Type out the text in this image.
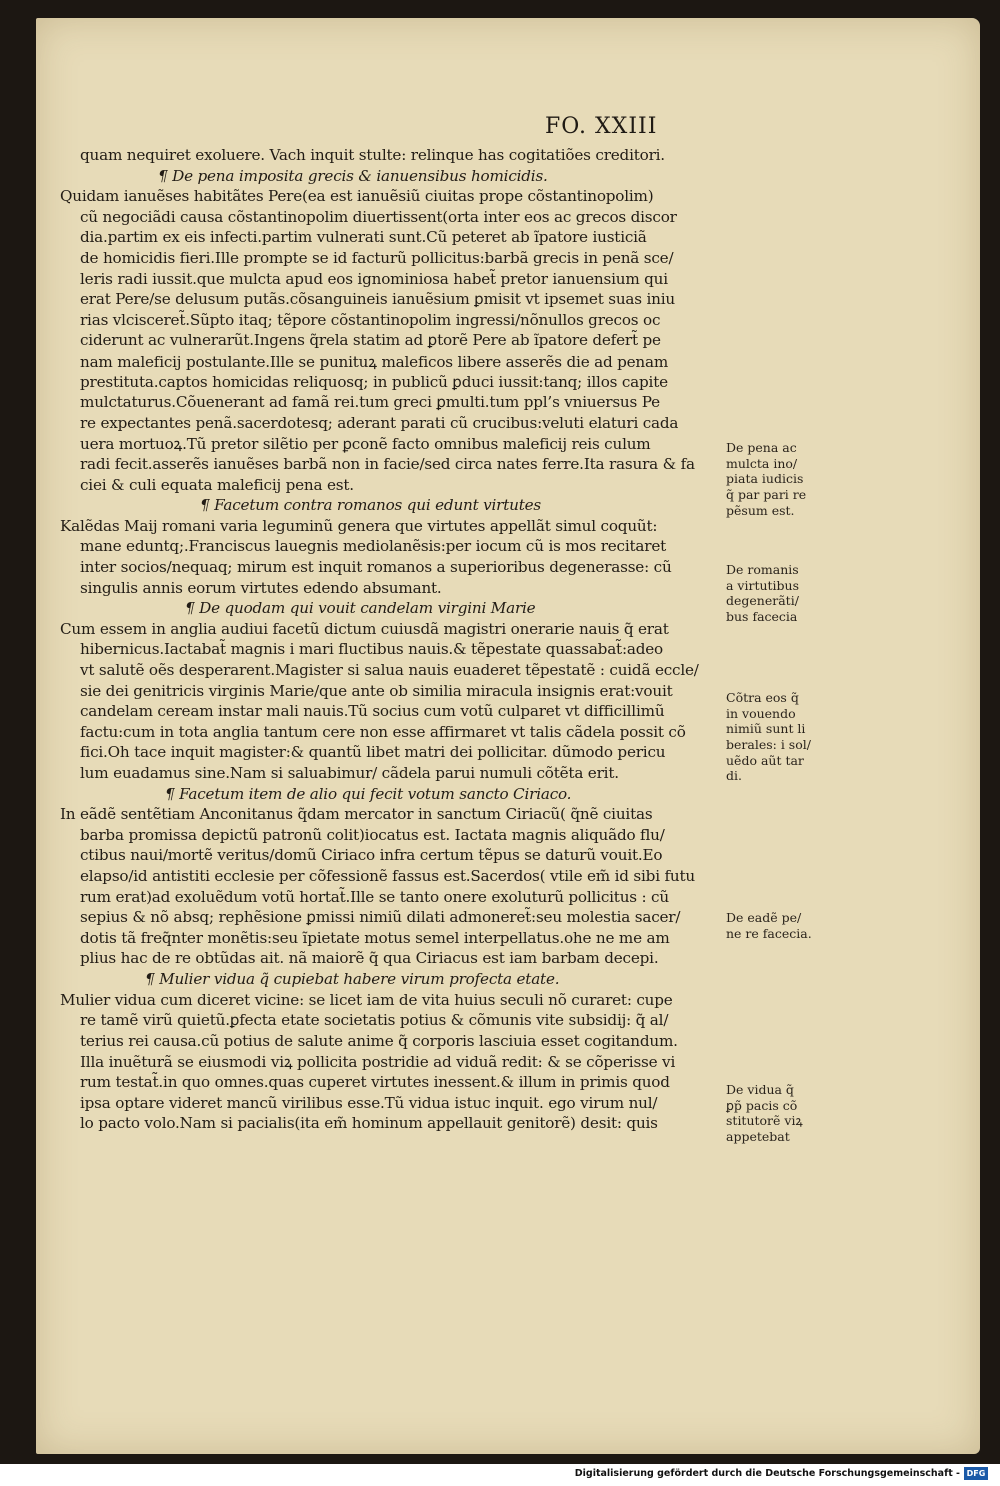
FO. XXIII
quam nequiret exoluere. Vach inquit stulte: relinque has cogitatiões creditori.
¶ De pena imposita grecis & ianuensibus homicidis.
Quidam ianuẽses habitãtes Pere(ea est ianuẽsiũ ciuitas prope cõstantinopolim)
cũ negociãdi causa cõstantinopolim diuertissent(orta inter eos ac grecos discor
dia.partim ex eis infecti.partim vulnerati sunt.Cũ peteret ab ĩpatore iusticiã
de homicidis fieri.Ille prompte se id facturũ pollicitus:barbã grecis in penã sce/
leris radi iussit.que mulcta apud eos ignominiosa habet̃ pretor ianuensium qui
erat Pere/se delusum putãs.cõsanguineis ianuẽsium ꝑmisit vt ipsemet suas iniu
rias vlcisceret̃.Sũpto itaq; tẽpore cõstantinopolim ingressi/nõnullos grecos oc
ciderunt ac vulnerarũt.Ingens q̃rela statim ad ꝑtorẽ Pere ab ĩpatore defert̃ pe
nam maleficij postulante.Ille se punituꝝ maleficos libere asserẽs die ad penam
prestituta.captos homicidas reliquosq; in publicũ ꝑduci iussit:tanq; illos capite
mulctaturus.Cõuenerant ad famã rei.tum greci ꝑmulti.tum ppl’s vniuersus Pe
re expectantes penã.sacerdotesq; aderant parati cũ crucibus:veluti elaturi cada
uera mortuoꝝ.Tũ pretor silẽtio per ꝑconẽ facto omnibus maleficij reis culum
radi fecit.asserẽs ianuẽses barbã non in facie/sed circa nates ferre.Ita rasura & fa
ciei & culi equata maleficij pena est.
¶ Facetum contra romanos qui edunt virtutes
Kalẽdas Maij romani varia leguminũ genera que virtutes appellãt simul coquũt:
mane eduntq;.Franciscus lauegnis mediolanẽsis:per iocum cũ is mos recitaret
inter socios/nequaq; mirum est inquit romanos a superioribus degenerasse: cũ
singulis annis eorum virtutes edendo absumant.
¶ De quodam qui vouit candelam virgini Marie
Cum essem in anglia audiui facetũ dictum cuiusdã magistri onerarie nauis q̃ erat
hibernicus.Iactabat̃ magnis i mari fluctibus nauis.& tẽpestate quassabat̃:adeo
vt salutẽ oẽs desperarent.Magister si salua nauis euaderet tẽpestatẽ : cuidã eccle/
sie dei genitricis virginis Marie/que ante ob similia miracula insignis erat:vouit
candelam ceream instar mali nauis.Tũ socius cum votũ culparet vt difficillimũ
factu:cum in tota anglia tantum cere non esse affirmaret vt talis cãdela possit cõ
fici.Oh tace inquit magister:& quantũ libet matri dei pollicitar. dũmodo pericu
lum euadamus sine.Nam si saluabimur/ cãdela parui numuli cõtẽta erit.
¶ Facetum item de alio qui fecit votum sancto Ciriaco.
In eãdẽ sentẽtiam Anconitanus q̃dam mercator in sanctum Ciriacũ( q̃nẽ ciuitas
barba promissa depictũ patronũ colit)iocatus est. Iactata magnis aliquãdo flu/
ctibus naui/mortẽ veritus/domũ Ciriaco infra certum tẽpus se daturũ vouit.Eo
elapso/id antistiti ecclesie per cõfessionẽ fassus est.Sacerdos( vtile em̃ id sibi futu
rum erat)ad exoluẽdum votũ hortat̃.Ille se tanto onere exoluturũ pollicitus : cũ
sepius & nõ absq; rephẽsione ꝑmissi nimiũ dilati admoneret̃:seu molestia sacer/
dotis tã freq̃nter monẽtis:seu ĩpietate motus semel interpellatus.ohe ne me am
plius hac de re obtũdas ait. nã maiorẽ q̃ qua Ciriacus est iam barbam decepi.
¶ Mulier vidua q̃ cupiebat habere virum profecta etate.
Mulier vidua cum diceret vicine: se licet iam de vita huius seculi nõ curaret: cupe
re tamẽ virũ quietũ.ꝑfecta etate societatis potius & cõmunis vite subsidij: q̃ al/
terius rei causa.cũ potius de salute anime q̃ corporis lasciuia esset cogitandum.
Illa inuẽturã se eiusmodi viꝝ pollicita postridie ad viduã redit: & se cõperisse vi
rum testat̃.in quo omnes.quas cuperet virtutes inessent.& illum in primis quod
ipsa optare videret mancũ virilibus esse.Tũ vidua istuc inquit. ego virum nul/
lo pacto volo.Nam si pacialis(ita em̃ hominum appellauit genitorẽ) desit: quis
De pena ac
mulcta ino/
piata iudicis
q̃ par pari re
pẽsum est.
De romanis
a virtutibus
degenerãti/
bus facecia
Cõtra eos q̃
in vouendo
nimiũ sunt li
berales: i sol/
uẽdo aũt tar
di.
De eadẽ pe/
ne re facecia.
De vidua q̃
ꝑp̃ pacis cõ
stitutorẽ viꝝ
appetebat
Digitalisierung gefördert durch die Deutsche Forschungsgemeinschaft - DFG
